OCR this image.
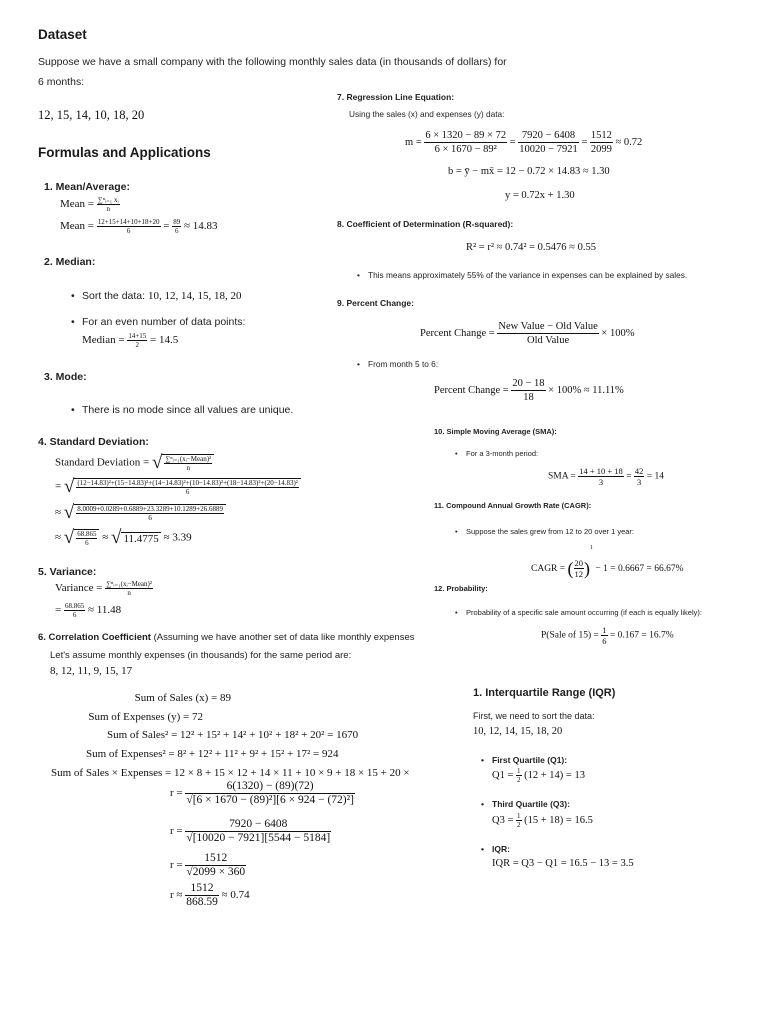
Dataset
Suppose we have a small company with the following monthly sales data (in thousands of dollars) for
6 months:
12, 15, 14, 10, 18, 20
Formulas and Applications
1. Mean/Average:
Mean = $\frac{\text{∑ⁿᵢ₌₁ xᵢ}}{n}$
Mean = $\frac{12+15+14+10+18+20}{6} = \frac{89}{6} \approx 14.83$
2. Median:
• Sort the data: 10, 12, 14, 15, 18, 20
• For an even number of data points:
Median = $\frac{14+15}{2} = 14.5$
3. Mode:
• There is no mode since all values are unique.
4. Standard Deviation:
Standard Deviation = √ $\frac{\text{∑ⁿᵢ₌₁(xᵢ−Mean)²}}{n}$
= √ (12−14.83)²+(15−14.83)²+(14−14.83)²+(10−14.83)²+(18−14.83)²+(20−14.83)²
6
≈ √ $\frac{8.0009+0.0289+0.6889+23.3289+10.1289+26.6889}{6}$
≈ √ $\frac{68.865}{6}$ ≈ √ 11.4775 ≈ 3.39
5. Variance:
Variance = $\frac{\text{∑ⁿᵢ₌₁(xᵢ−Mean)²}}{n}$
= $\frac{68.865}{6} \approx 11.48$
6. Correlation Coefficient (Assuming we have another set of data like monthly expenses
Let's assume monthly expenses (in thousands) for the same period are:
8, 12, 11, 9, 15, 17
Sum of Sales (x) = 89
Sum of Expenses (y) = 72
Sum of Sales² = 12² + 15² + 14² + 10² + 18² + 20² = 1670
Sum of Expenses² = 8² + 12² + 11² + 9² + 15² + 17² = 924
Sum of Sales × Expenses = 12 × 8 + 15 × 12 + 14 × 11 + 10 × 9 + 18 × 15 + 20 ×
$r = \frac{6(1320) - (89)(72)}{\text{√[6 × 1670 − (89)²][6 × 924 − (72)²]}}$
$r = \frac{7920 - 6408}{√[10020 - 7921][5544 - 5184]}$
$r = \frac{1512}{√2099 \times 360}$
$r \approx \frac{1512}{868.59} \approx 0.74$
7. Regression Line Equation:
Using the sales (x) and expenses (y) data:
$m = \frac{6 \times 1320 - 89 \times 72}{\text{6 × 1670 − 89²}} = \frac{7920 - 6408}{10020 - 7921} = \frac{1512}{2099} \approx 0.72$
b = ȳ − mx̄ = 12 − 0.72 × 14.83 ≈ 1.30
y = 0.72x + 1.30
8. Coefficient of Determination (R-squared):
R² = r² ≈ 0.74² = 0.5476 ≈ 0.55
• This means approximately 55% of the variance in expenses can be explained by sales.
9. Percent Change:
Percent Change = $\frac{\text{New Value − Old Value}}{\text{Old Value}} \times 100\%$
• From month 5 to 6:
Percent Change = $\frac{20 - 18}{18} \times 100\% \approx 11.11\%$
10. Simple Moving Average (SMA):
• For a 3-month period:
SMA = $\frac{14 + 10 + 18}{3} = \frac{42}{3} = 14$
11. Compound Annual Growth Rate (CAGR):
• Suppose the sales grew from 12 to 20 over 1 year:
CAGR = ( $\frac{20}{12} )^1 - 1 = 0.6667 = 66.67\%$
12. Probability:
• Probability of a specific sale amount occurring (if each is equally likely):
P(Sale of $15) = \frac{1}{6} = 0.167 = 16.7\%$
1. Interquartile Range (IQR)
First, we need to sort the data:
10, 12, 14, 15, 18, 20
• First Quartile (Q1):
$Q1 = \frac{1}{2} (12 + 14) = 13$
• Third Quartile (Q3):
$Q3 = \frac{1}{2} (15 + 18) = 16.5$
• IQR:
IQR = Q3 − Q1 = 16.5 − 13 = 3.5
